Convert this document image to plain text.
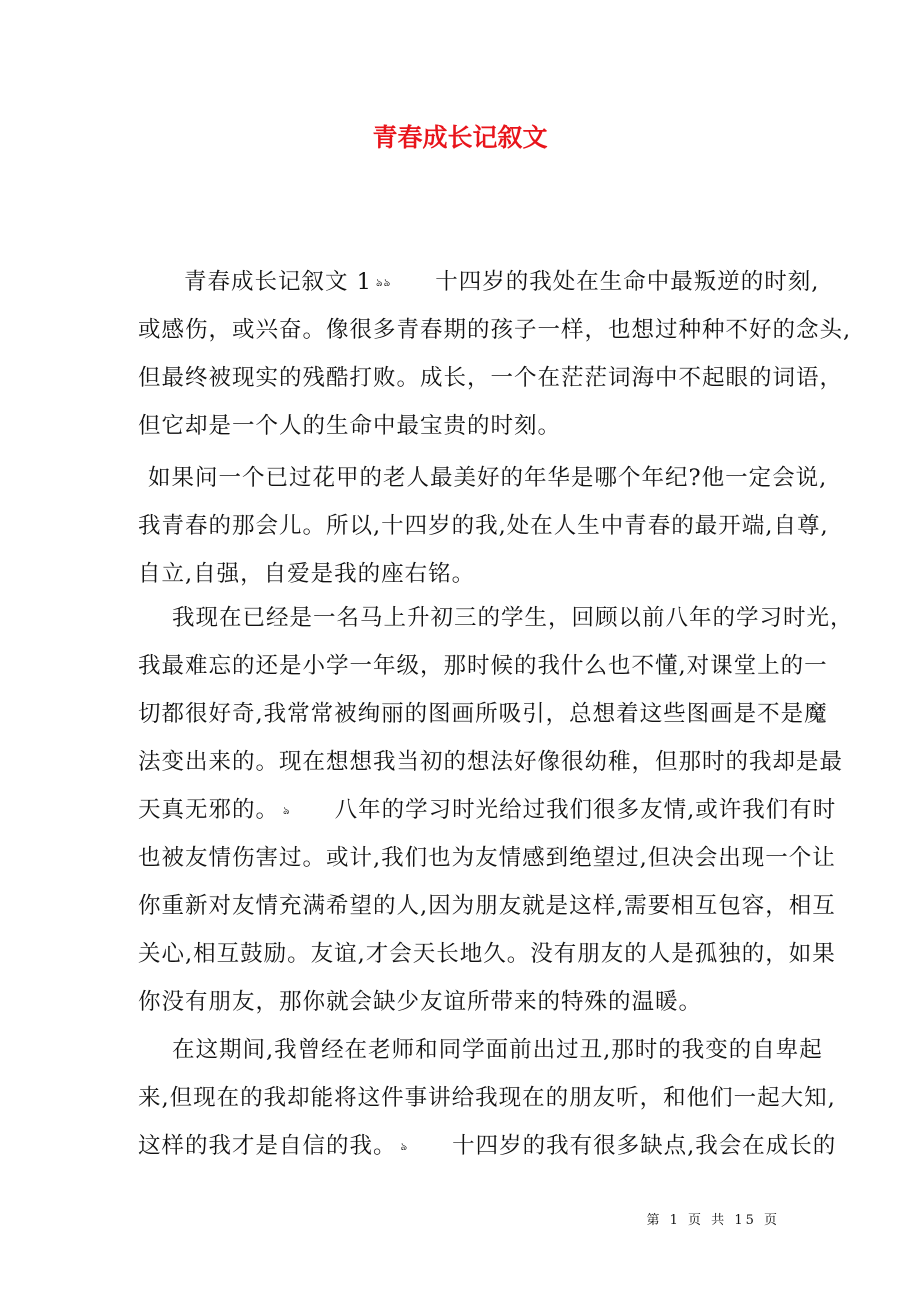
青春成长记叙文
青春成长记叙文 1 ঌঌ 十四岁的我处在生命中最叛逆的时刻,
或感伤，或兴奋。像很多青春期的孩子一样，也想过种种不好的念头,
但最终被现实的残酷打败。成长，一个在茫茫词海中不起眼的词语，
但它却是一个人的生命中最宝贵的时刻。
如果问一个已过花甲的老人最美好的年华是哪个年纪?他一定会说,
我青春的那会儿。所以,十四岁的我,处在人生中青春的最开端,自尊,
自立,自强，自爱是我的座右铭。
我现在已经是一名马上升初三的学生，回顾以前八年的学习时光，
我最难忘的还是小学一年级，那时候的我什么也不懂,对课堂上的一
切都很好奇,我常常被绚丽的图画所吸引，总想着这些图画是不是魔
法变出来的。现在想想我当初的想法好像很幼稚，但那时的我却是最
天真无邪的。 ঌ 八年的学习时光给过我们很多友情,或许我们有时
也被友情伤害过。或计,我们也为友情感到绝望过,但决会出现一个让
你重新对友情充满希望的人,因为朋友就是这样,需要相互包容，相互
关心,相互鼓励。友谊,才会天长地久。没有朋友的人是孤独的，如果
你没有朋友，那你就会缺少友谊所带来的特殊的温暖。
在这期间,我曾经在老师和同学面前出过丑,那时的我变的自卑起
来,但现在的我却能将这件事讲给我现在的朋友听，和他们一起大知,
这样的我才是自信的我。 ঌ 十四岁的我有很多缺点,我会在成长的
第 1 页 共 15 页
